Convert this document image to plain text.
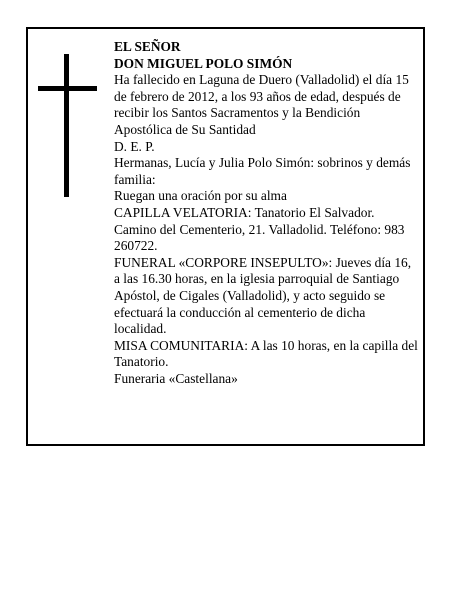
EL SEÑOR

DON MIGUEL POLO SIMÓN

Ha fallecido en Laguna de Duero (Valladolid) el día 15 de febrero de 2012, a los 93 años de edad, después de recibir los Santos Sacramentos y la Bendición Apostólica de Su Santidad

D. E. P.

Hermanas, Lucía y Julia Polo Simón: sobrinos y demás familia:

Ruegan una oración por su alma

CAPILLA VELATORIA: Tanatorio El Salvador. Camino del Cementerio, 21. Valladolid. Teléfono: 983 260722.

FUNERAL «CORPORE INSEPULTO»: Jueves día 16, a las 16.30 horas, en la iglesia parroquial de Santiago Apóstol, de Cigales (Valladolid), y acto seguido se efectuará la conducción al cementerio de dicha localidad.

MISA COMUNITARIA: A las 10 horas, en la capilla del Tanatorio.

Funeraria «Castellana»
